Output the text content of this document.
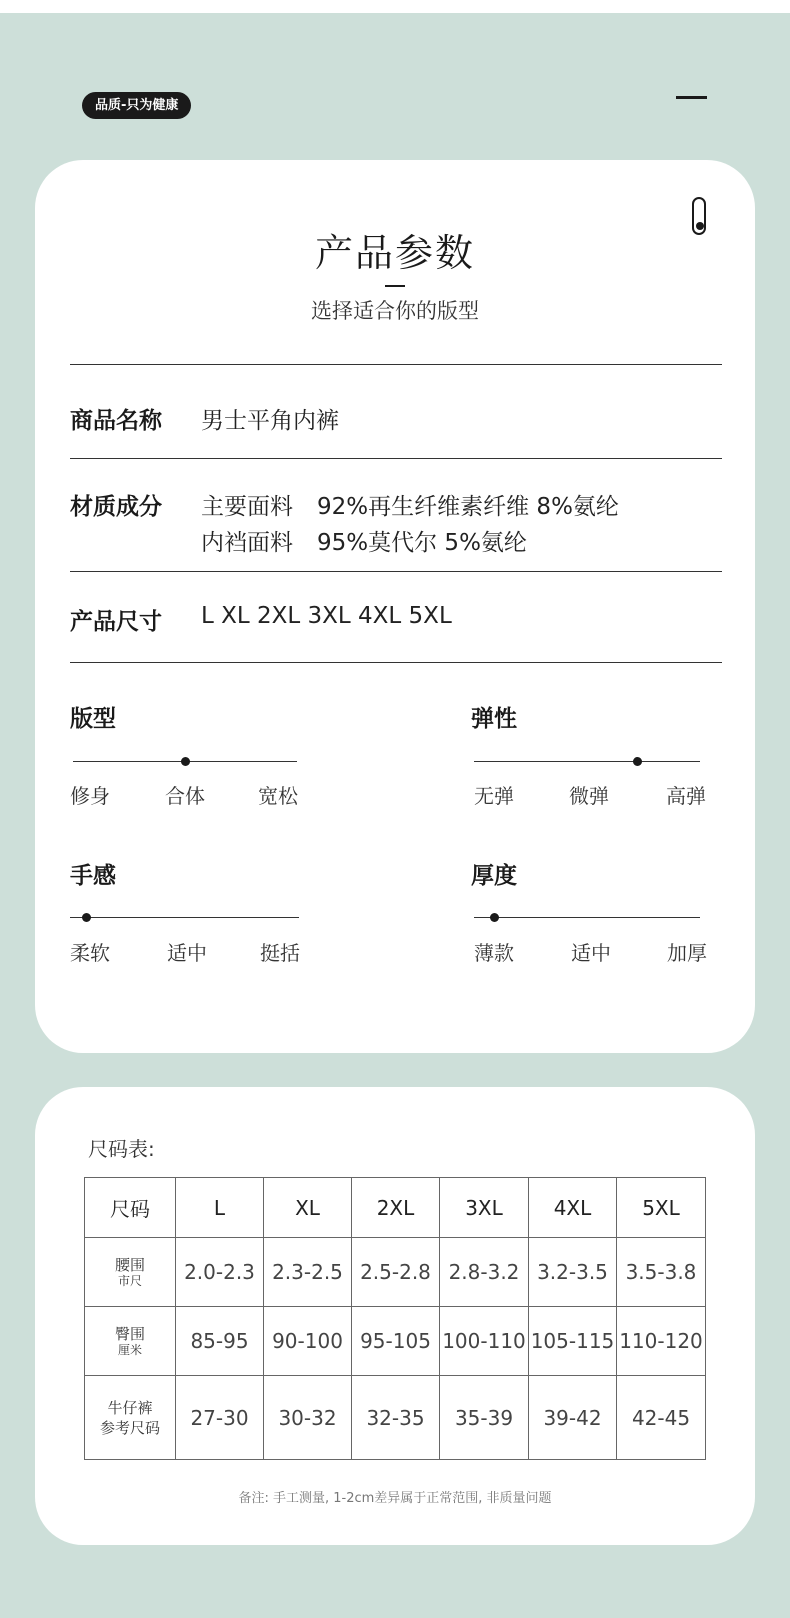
品质-只为健康
产品参数
选择适合你的版型
商品名称 男士平角内裤
材质成分 主要面料 92%再生纤维素纤维 8%氨纶
内裆面料 95%莫代尔 5%氨纶
产品尺寸 L XL 2XL 3XL 4XL 5XL
版型
修身	合体	宽松
弹性
无弹	微弹	高弹
手感
柔软	适中	挺括
厚度
薄款	适中	加厚
尺码表:
尺码	L	XL	2XL	3XL	4XL	5XL

腰围
市尺	2.0-2.3	2.3-2.5	2.5-2.8	2.8-3.2	3.2-3.5	3.5-3.8

臀围
厘米	85-95	90-100	95-105	100-110	105-115	110-120

牛仔裤
参考尺码	27-30	30-32	32-35	35-39	39-42	42-45
备注: 手工测量, 1-2cm差异属于正常范围, 非质量问题
